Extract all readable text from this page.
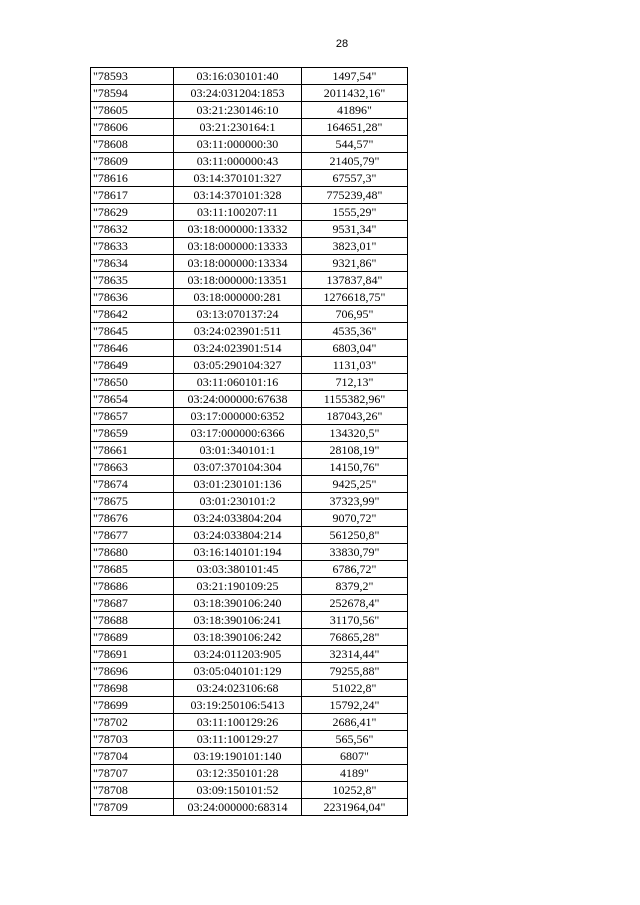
28
"78593	03:16:030101:40	1497,54"
"78594	03:24:031204:1853	2011432,16"
"78605	03:21:230146:10	41896"
"78606	03:21:230164:1	164651,28"
"78608	03:11:000000:30	544,57"
"78609	03:11:000000:43	21405,79"
"78616	03:14:370101:327	67557,3"
"78617	03:14:370101:328	775239,48"
"78629	03:11:100207:11	1555,29"
"78632	03:18:000000:13332	9531,34"
"78633	03:18:000000:13333	3823,01"
"78634	03:18:000000:13334	9321,86"
"78635	03:18:000000:13351	137837,84"
"78636	03:18:000000:281	1276618,75"
"78642	03:13:070137:24	706,95"
"78645	03:24:023901:511	4535,36"
"78646	03:24:023901:514	6803,04"
"78649	03:05:290104:327	1131,03"
"78650	03:11:060101:16	712,13"
"78654	03:24:000000:67638	1155382,96"
"78657	03:17:000000:6352	187043,26"
"78659	03:17:000000:6366	134320,5"
"78661	03:01:340101:1	28108,19"
"78663	03:07:370104:304	14150,76"
"78674	03:01:230101:136	9425,25"
"78675	03:01:230101:2	37323,99"
"78676	03:24:033804:204	9070,72"
"78677	03:24:033804:214	561250,8"
"78680	03:16:140101:194	33830,79"
"78685	03:03:380101:45	6786,72"
"78686	03:21:190109:25	8379,2"
"78687	03:18:390106:240	252678,4"
"78688	03:18:390106:241	31170,56"
"78689	03:18:390106:242	76865,28"
"78691	03:24:011203:905	32314,44"
"78696	03:05:040101:129	79255,88"
"78698	03:24:023106:68	51022,8"
"78699	03:19:250106:5413	15792,24"
"78702	03:11:100129:26	2686,41"
"78703	03:11:100129:27	565,56"
"78704	03:19:190101:140	6807"
"78707	03:12:350101:28	4189"
"78708	03:09:150101:52	10252,8"
"78709	03:24:000000:68314	2231964,04"
